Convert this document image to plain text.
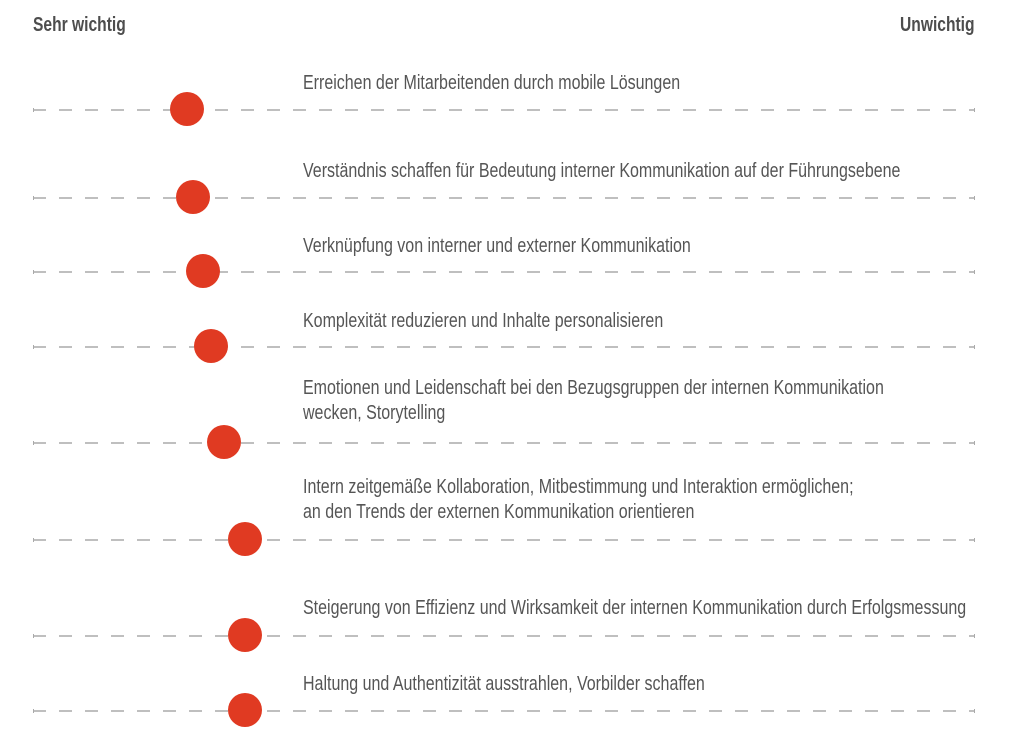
Sehr wichtig	Unwichtig
Erreichen der Mitarbeitenden durch mobile Lösungen
Verständnis schaffen für Bedeutung interner Kommunikation auf der Führungsebene
Verknüpfung von interner und externer Kommunikation
Komplexität reduzieren und Inhalte personalisieren
Emotionen und Leidenschaft bei den Bezugsgruppen der internen Kommunikation
wecken, Storytelling
Intern zeitgemäße Kollaboration, Mitbestimmung und Interaktion ermöglichen;
an den Trends der externen Kommunikation orientieren
Steigerung von Effizienz und Wirksamkeit der internen Kommunikation durch Erfolgsmessung
Haltung und Authentizität ausstrahlen, Vorbilder schaffen
